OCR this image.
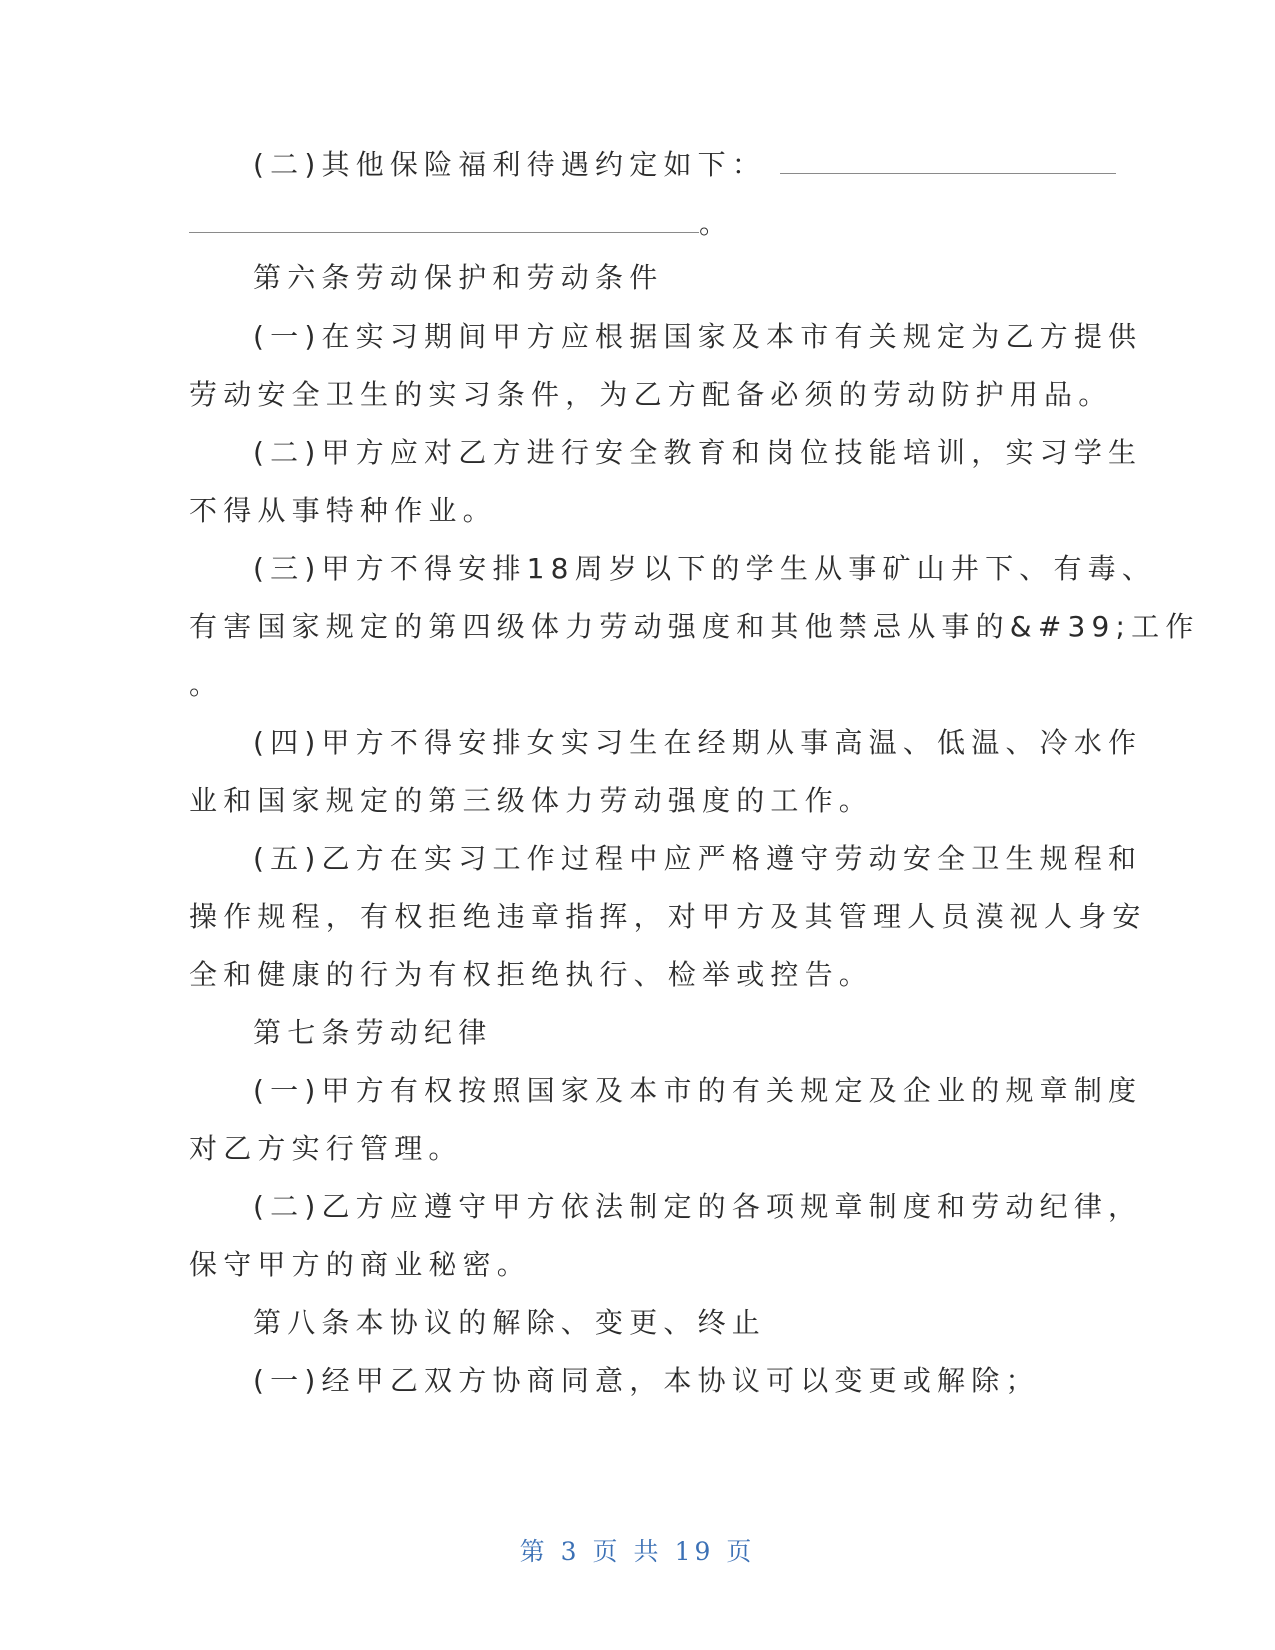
(二)其他保险福利待遇约定如下：
。
第六条劳动保护和劳动条件
(一)在实习期间甲方应根据国家及本市有关规定为乙方提供
劳动安全卫生的实习条件，为乙方配备必须的劳动防护用品。
(二)甲方应对乙方进行安全教育和岗位技能培训，实习学生
不得从事特种作业。
(三)甲方不得安排18周岁以下的学生从事矿山井下、有毒、
有害国家规定的第四级体力劳动强度和其他禁忌从事的&#39;工作
。
(四)甲方不得安排女实习生在经期从事高温、低温、冷水作
业和国家规定的第三级体力劳动强度的工作。
(五)乙方在实习工作过程中应严格遵守劳动安全卫生规程和
操作规程，有权拒绝违章指挥，对甲方及其管理人员漠视人身安
全和健康的行为有权拒绝执行、检举或控告。
第七条劳动纪律
(一)甲方有权按照国家及本市的有关规定及企业的规章制度
对乙方实行管理。
(二)乙方应遵守甲方依法制定的各项规章制度和劳动纪律，
保守甲方的商业秘密。
第八条本协议的解除、变更、终止
(一)经甲乙双方协商同意，本协议可以变更或解除；
第 3 页 共 19 页
